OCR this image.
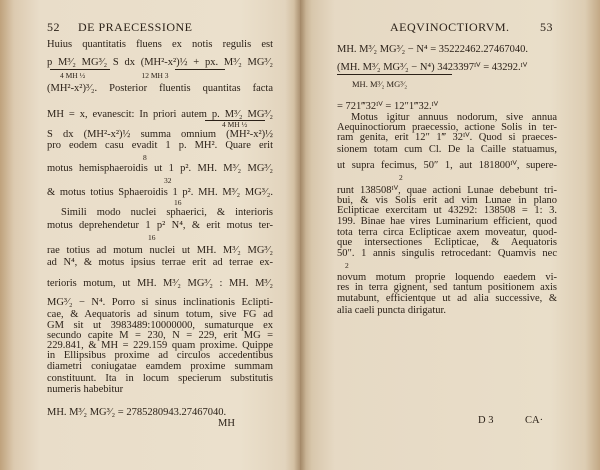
52 DE PRAECESSIONE
Huius quantitatis fluens ex notis regulis est
p M³⁄₂ MG³⁄₂ S dx (MH²-x²)½ + px. M³⁄₂ MG³⁄₂
4 MH ½                              12 MH 3
(MH²-x²)³⁄₂. Posterior fluentis quantitas facta
MH = x, evanescit: In priori autem p. M³⁄₂ MG³⁄₂
4 MH ½
S dx (MH²-x²)½ summa omnium (MH²-x²)½
pro eodem casu evadit 1 p. MH². Quare erit
8
motus hemisphaeroidis ut 1 p². MH. M³⁄₂ MG³⁄₂
32
& motus totius Sphaeroidis 1 p². MH. M³⁄₂ MG³⁄₂.
16
Simili modo nuclei sphaerici, & interioris
motus deprehendetur 1 p² N⁴, & erit motus ter-
16
rae totius ad motum nuclei ut MH. M³⁄₂ MG³⁄₂
ad N⁴, & motus ipsius terrae erit ad terrae ex-
terioris motum, ut MH. M³⁄₂ MG³⁄₂ : MH. M³⁄₂
MG³⁄₂ − N⁴. Porro si sinus inclinationis Eclipti-
cae, & Aequatoris ad sinum totum, sive FG ad
GM sit ut 3983489:10000000, sumaturque ex
secundo capite M = 230, N = 229, erit MG =
229.841, & MH = 229.159 quam proxime. Quippe
in Ellipsibus proxime ad circulos accedentibus
diametri coniugatae eamdem proxime summam
constituunt. Ita in locum specierum substitutis
numeris habebitur
MH. M³⁄₂ MG³⁄₂ = 2785280943.27467040.
MH
AEQVINOCTIORVM.	53
MH. M³⁄₂ MG³⁄₂ − N⁴ = 35222462.27467040.
(MH. M³⁄₂ MG³⁄₂ − N⁴) 3423397ᴵⱽ = 43292.ᴵⱽ
MH. M³⁄₂ MG³⁄₂
= 721‴32ᴵⱽ = 12″1‴32.ᴵⱽ
Motus igitur annuus nodorum, sive annua
Aequinoctiorum praecessio, actione Solis in ter-
ram genita, erit 12″ 1‴ 32ᴵⱽ. Quod si praeces-
sionem totam cum Cl. De la Caille statuamus,
ut supra fecimus, 50″ 1, aut 181800ᴵⱽ, supere-
2
runt 138508ᴵⱽ, quae actioni Lunae debebunt tri-
bui, & vis Solis erit ad vim Lunae in plano
Eclipticae exercitam ut 43292: 138508 = 1: 3.
199. Binae hae vires Luminarium efficient, quod
tota terra circa Eclipticae axem moveatur, quod-
que intersectiones Eclipticae, & Aequatoris
50″. 1 annis singulis retrocedant: Quamvis nec
2
novum motum proprie loquendo eaedem vi-
res in terra gignent, sed tantum positionem axis
mutabunt, efficientque ut ad alia successive, &
alia caeli puncta dirigatur.
D 3	CA·
